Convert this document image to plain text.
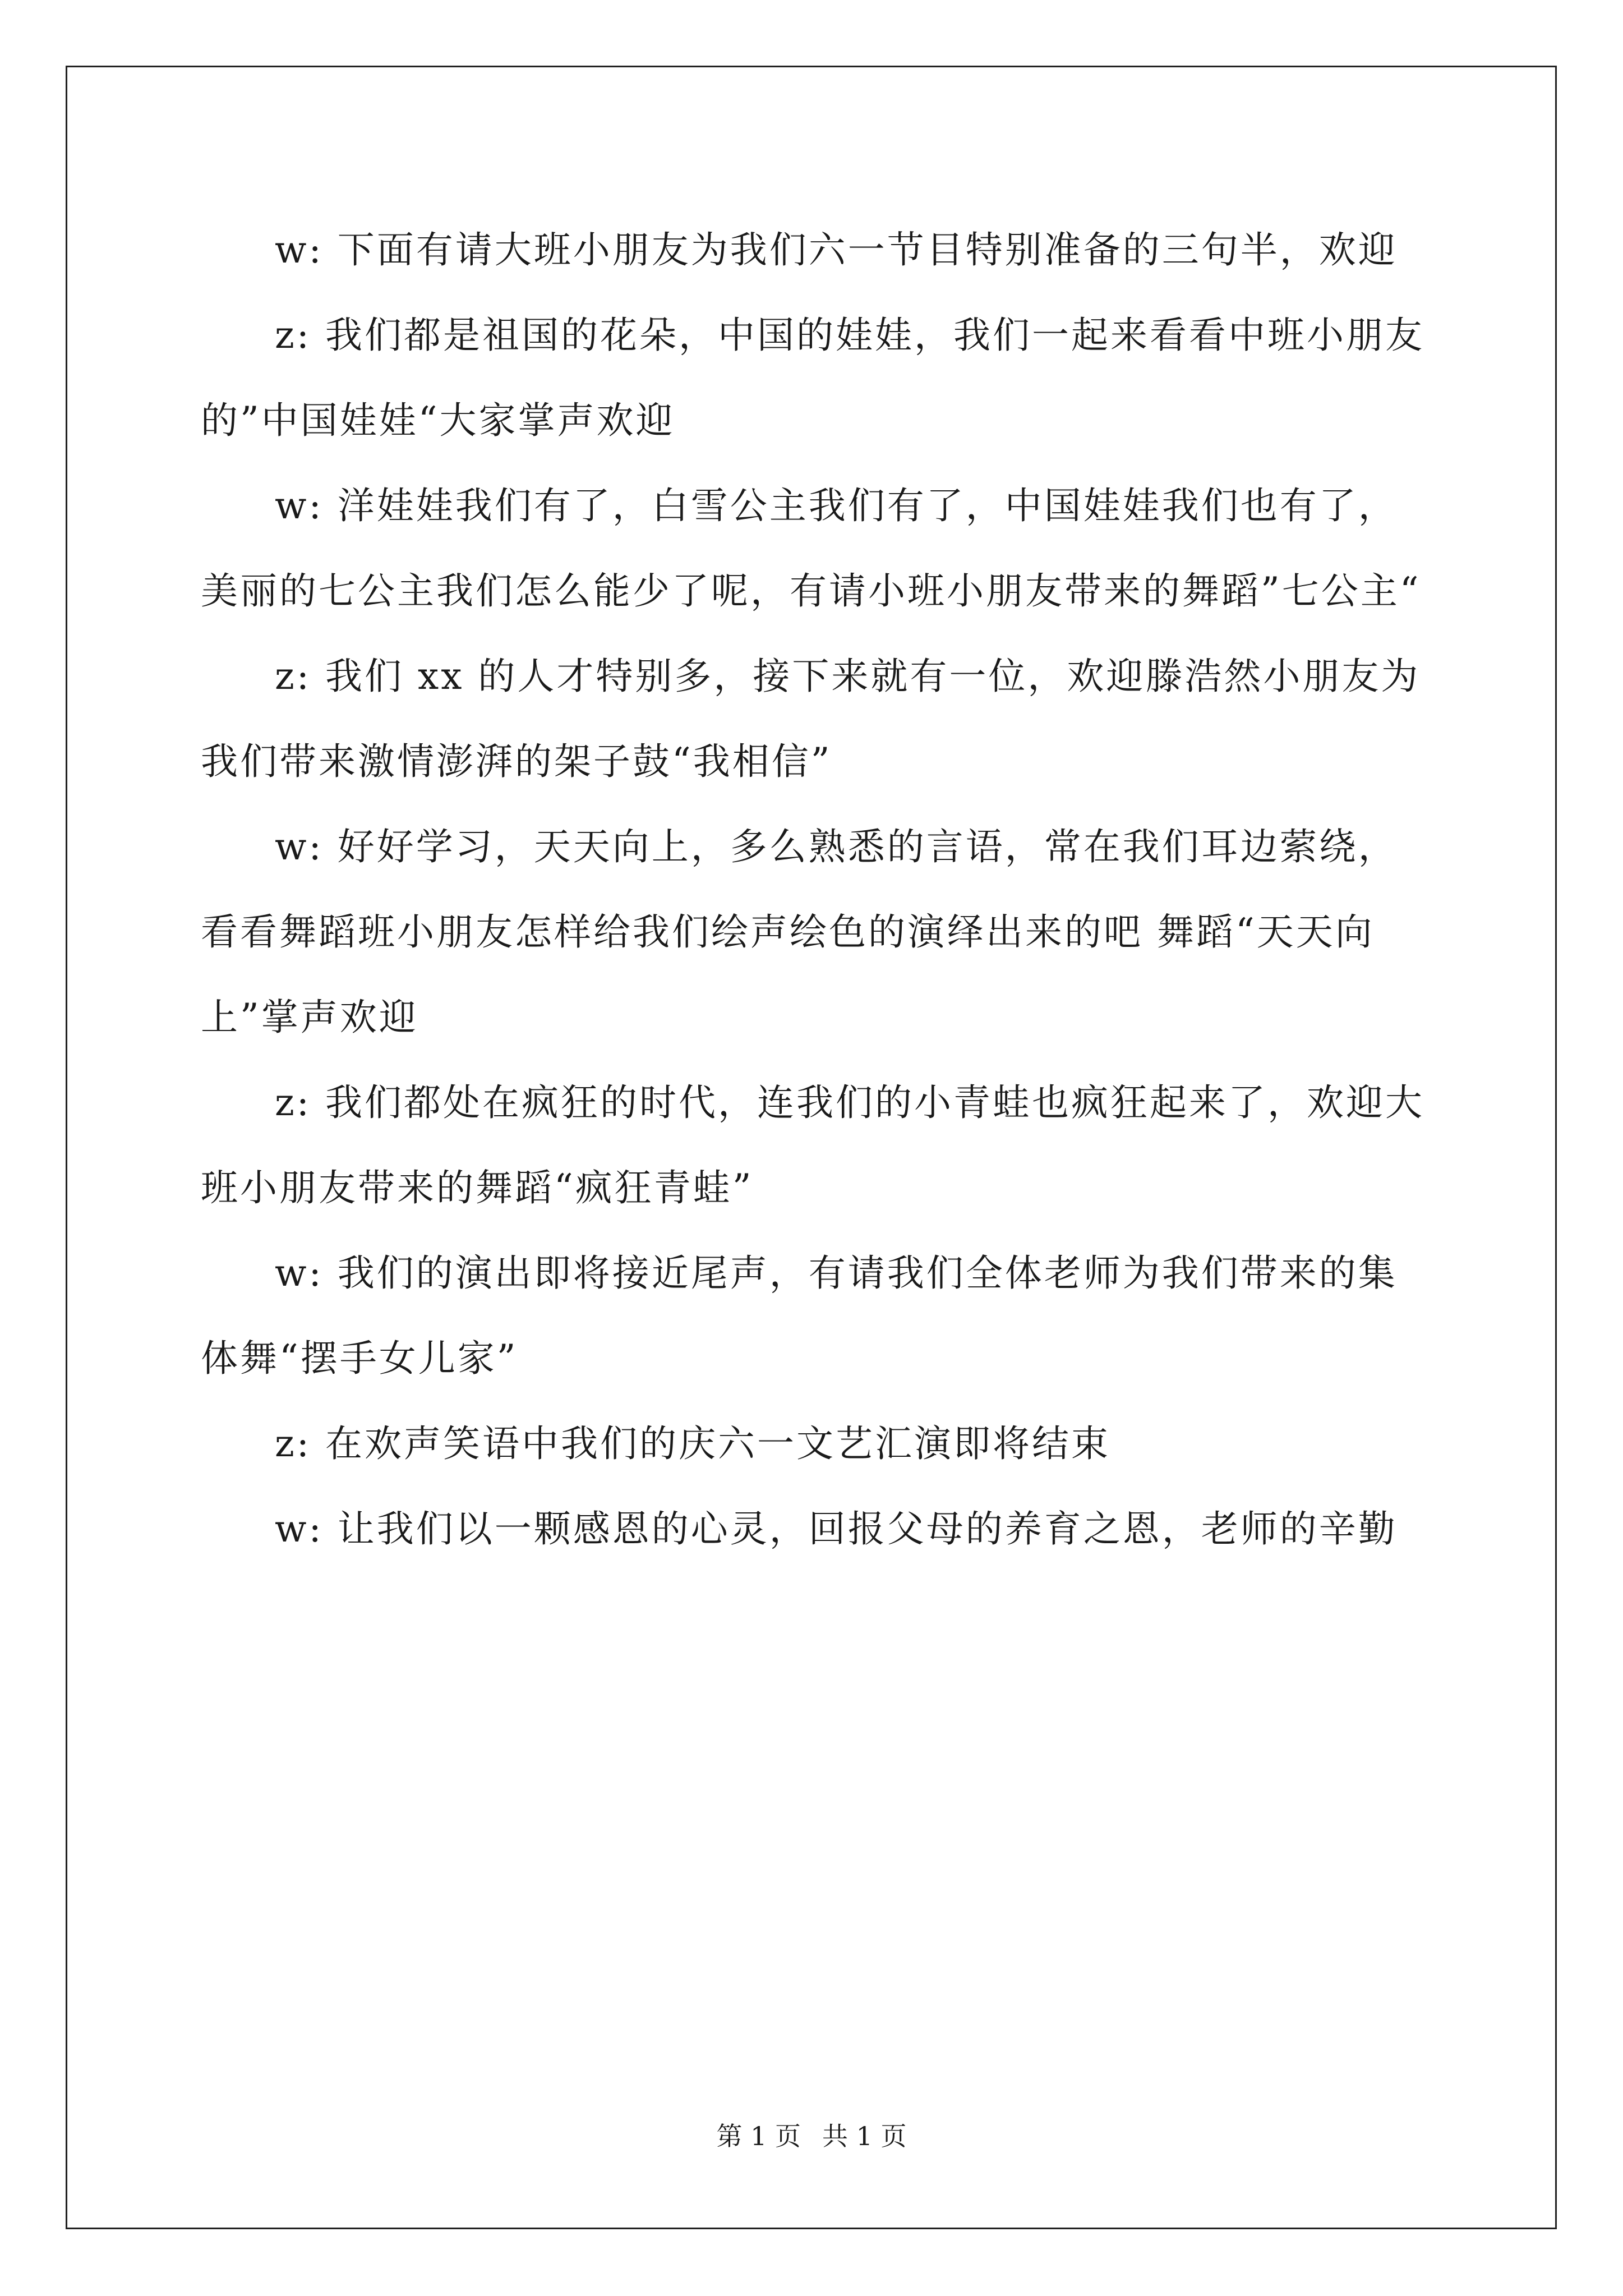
w: 下面有请大班小朋友为我们六一节目特别准备的三句半，欢迎

z: 我们都是祖国的花朵，中国的娃娃，我们一起来看看中班小朋友的”中国娃娃“大家掌声欢迎

w: 洋娃娃我们有了，白雪公主我们有了，中国娃娃我们也有了，美丽的七公主我们怎么能少了呢，有请小班小朋友带来的舞蹈”七公主“

z: 我们 xx 的人才特别多，接下来就有一位，欢迎滕浩然小朋友为我们带来激情澎湃的架子鼓“我相信”

w: 好好学习，天天向上，多么熟悉的言语，常在我们耳边萦绕，看看舞蹈班小朋友怎样给我们绘声绘色的演绎出来的吧 舞蹈“天天向上”掌声欢迎

z: 我们都处在疯狂的时代，连我们的小青蛙也疯狂起来了，欢迎大班小朋友带来的舞蹈“疯狂青蛙”

w: 我们的演出即将接近尾声，有请我们全体老师为我们带来的集体舞“摆手女儿家”

z: 在欢声笑语中我们的庆六一文艺汇演即将结束

w: 让我们以一颗感恩的心灵，回报父母的养育之恩，老师的辛勤

第 1 页 共 1 页
